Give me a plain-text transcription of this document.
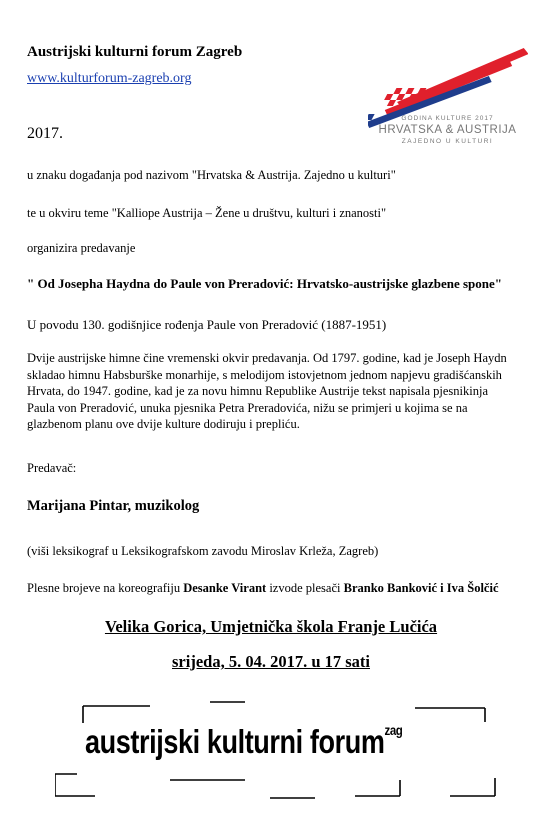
Austrijski kulturni forum Zagreb
www.kulturforum-zagreb.org
2017.
GODINA KULTURE 2017
HRVATSKA & AUSTRIJA
ZAJEDNO U KULTURI
u znaku događanja pod nazivom "Hrvatska & Austrija. Zajedno u kulturi"
te u okviru teme "Kalliope Austrija – Žene u društvu, kulturi i znanosti"
organizira predavanje
" Od Josepha Haydna do Paule von Preradović: Hrvatsko-austrijske glazbene spone"
U povodu 130. godišnjice rođenja Paule von Preradović (1887-1951)
Dvije austrijske himne čine vremenski okvir predavanja. Od 1797. godine, kad je Joseph Haydn skladao himnu Habsburške monarhije, s melodijom istovjetnom jednom napjevu gradišćanskih Hrvata, do 1947. godine, kad je za novu himnu Republike Austrije tekst napisala pjesnikinja Paula von Preradović, unuka pjesnika Petra Preradovića, nižu se primjeri u kojima se na glazbenom planu ove dvije kulture dodiruju i prepliću.
Predavač:
Marijana Pintar, muzikolog
(viši leksikograf u Leksikografskom zavodu Miroslav Krleža, Zagreb)
Plesne brojeve na koreografiju Desanke Virant izvode plesači Branko Banković i Iva Šolčić
Velika Gorica, Umjetnička škola Franje Lučića
srijeda, 5. 04. 2017. u 17 sati
austrijski kulturni forum$^{zag}$
